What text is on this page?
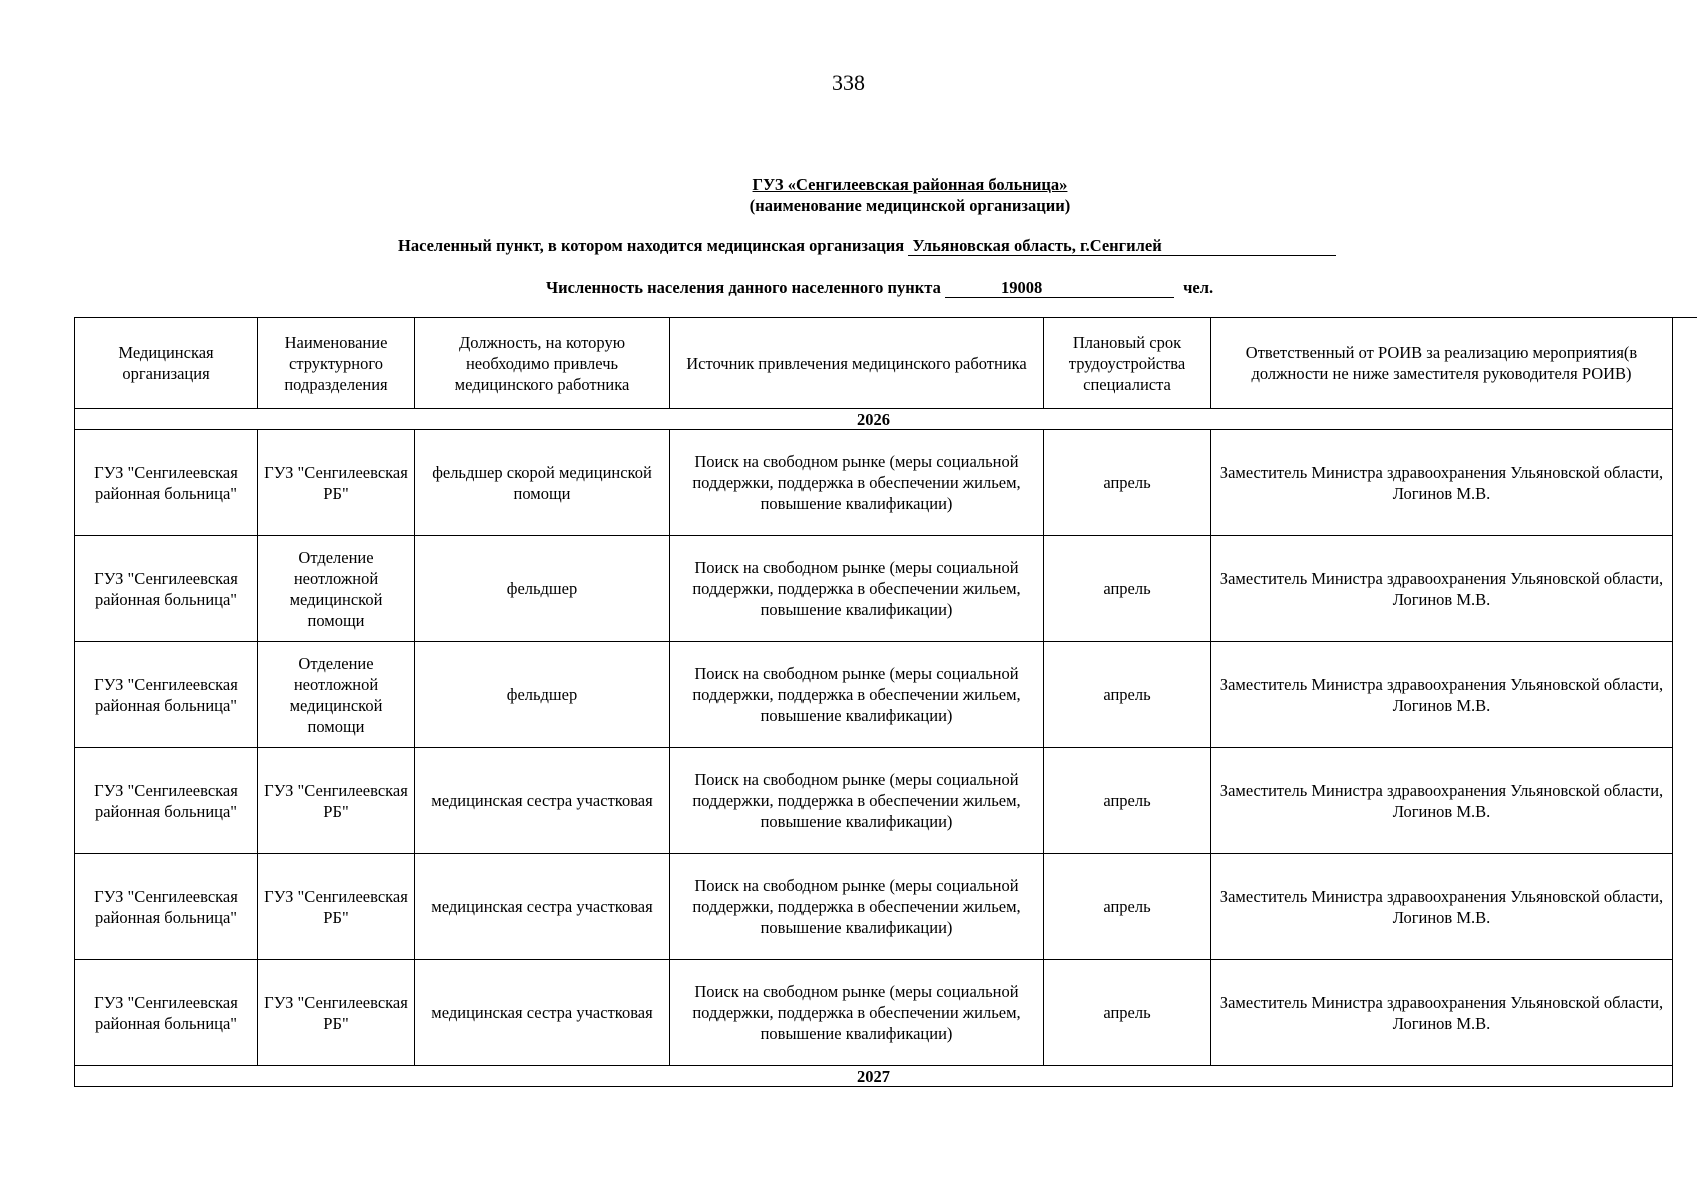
338
ГУЗ «Сенгилеевская районная больница»
(наименование медицинской организации)
Населенный пункт, в котором находится медицинская организация Ульяновская область, г.Сенгилей
Численность населения данного населенного пункта	19008	чел.
Медицинская организация	Наименование структурного подразделения	Должность, на которую необходимо привлечь медицинского работника	Источник привлечения медицинского работника	Плановый срок трудоустройства специалиста	Ответственный от РОИВ за реализацию мероприятия(в должности не ниже заместителя руководителя РОИВ)
2026					
ГУЗ "Сенгилеевская районная больница"	ГУЗ "Сенгилеевская РБ"	фельдшер скорой медицинской помощи	Поиск на свободном рынке (меры социальной поддержки, поддержка в обеспечении жильем, повышение квалификации)	апрель	Заместитель Министра здравоохранения Ульяновской области, Логинов М.В.
ГУЗ "Сенгилеевская районная больница"	Отделение неотложной медицинской помощи	фельдшер	Поиск на свободном рынке (меры социальной поддержки, поддержка в обеспечении жильем, повышение квалификации)	апрель	Заместитель Министра здравоохранения Ульяновской области, Логинов М.В.
ГУЗ "Сенгилеевская районная больница"	Отделение неотложной медицинской помощи	фельдшер	Поиск на свободном рынке (меры социальной поддержки, поддержка в обеспечении жильем, повышение квалификации)	апрель	Заместитель Министра здравоохранения Ульяновской области, Логинов М.В.
ГУЗ "Сенгилеевская районная больница"	ГУЗ "Сенгилеевская РБ"	медицинская сестра участковая	Поиск на свободном рынке (меры социальной поддержки, поддержка в обеспечении жильем, повышение квалификации)	апрель	Заместитель Министра здравоохранения Ульяновской области, Логинов М.В.
ГУЗ "Сенгилеевская районная больница"	ГУЗ "Сенгилеевская РБ"	медицинская сестра участковая	Поиск на свободном рынке (меры социальной поддержки, поддержка в обеспечении жильем, повышение квалификации)	апрель	Заместитель Министра здравоохранения Ульяновской области, Логинов М.В.
ГУЗ "Сенгилеевская районная больница"	ГУЗ "Сенгилеевская РБ"	медицинская сестра участковая	Поиск на свободном рынке (меры социальной поддержки, поддержка в обеспечении жильем, повышение квалификации)	апрель	Заместитель Министра здравоохранения Ульяновской области, Логинов М.В.
2027					
